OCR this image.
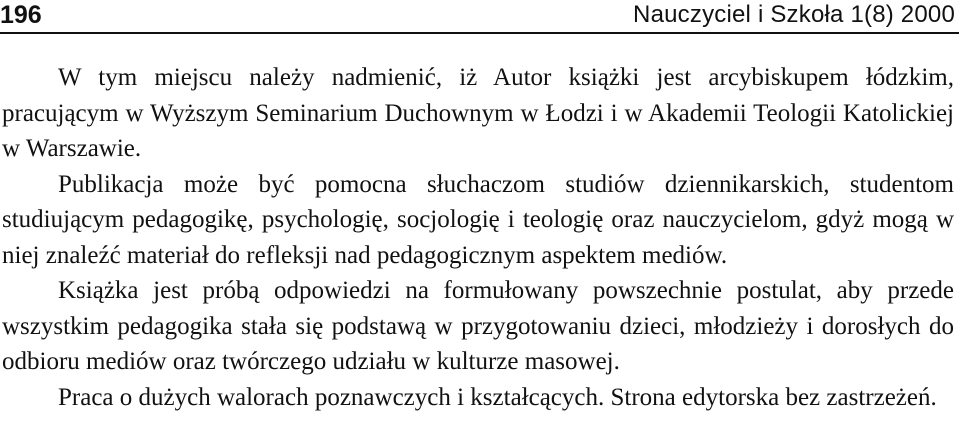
196	Nauczyciel i Szkoła 1(8) 2000

W tym miejscu należy nadmienić, iż Autor książki jest arcybiskupem łódzkim, pracującym w Wyższym Seminarium Duchownym w Łodzi i w Akademii Teologii Katolickiej w Warszawie.

Publikacja może być pomocna słuchaczom studiów dziennikarskich, studentom studiującym pedagogikę, psychologię, socjologię i teologię oraz nauczycielom, gdyż mogą w niej znaleźć materiał do refleksji nad pedagogicznym aspektem mediów.

Książka jest próbą odpowiedzi na formułowany powszechnie postulat, aby przede wszystkim pedagogika stała się podstawą w przygotowaniu dzieci, młodzieży i dorosłych do odbioru mediów oraz twórczego udziału w kulturze masowej.

Praca o dużych walorach poznawczych i kształcących. Strona edytorska bez zastrzeżeń.
